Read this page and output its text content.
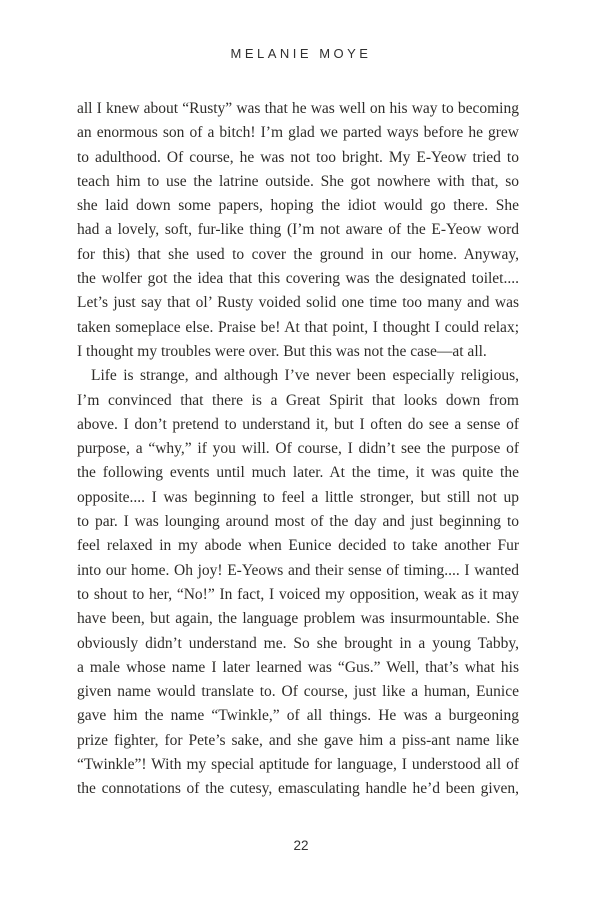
MELANIE MOYE
all I knew about “Rusty” was that he was well on his way to becoming
an enormous son of a bitch! I’m glad we parted ways before he grew
to adulthood. Of course, he was not too bright. My E-Yeow tried to
teach him to use the latrine outside. She got nowhere with that, so
she laid down some papers, hoping the idiot would go there. She
had a lovely, soft, fur-like thing (I’m not aware of the E-Yeow word
for this) that she used to cover the ground in our home. Anyway,
the wolfer got the idea that this covering was the designated toilet....
Let’s just say that ol’ Rusty voided solid one time too many and was
taken someplace else. Praise be! At that point, I thought I could relax;
I thought my troubles were over. But this was not the case—at all.
Life is strange, and although I’ve never been especially religious,
I’m convinced that there is a Great Spirit that looks down from
above. I don’t pretend to understand it, but I often do see a sense of
purpose, a “why,” if you will. Of course, I didn’t see the purpose of
the following events until much later. At the time, it was quite the
opposite.... I was beginning to feel a little stronger, but still not up
to par. I was lounging around most of the day and just beginning to
feel relaxed in my abode when Eunice decided to take another Fur
into our home. Oh joy! E-Yeows and their sense of timing.... I wanted
to shout to her, “No!” In fact, I voiced my opposition, weak as it may
have been, but again, the language problem was insurmountable. She
obviously didn’t understand me. So she brought in a young Tabby,
a male whose name I later learned was “Gus.” Well, that’s what his
given name would translate to. Of course, just like a human, Eunice
gave him the name “Twinkle,” of all things. He was a burgeoning
prize fighter, for Pete’s sake, and she gave him a piss-ant name like
“Twinkle”! With my special aptitude for language, I understood all of
the connotations of the cutesy, emasculating handle he’d been given,
22
